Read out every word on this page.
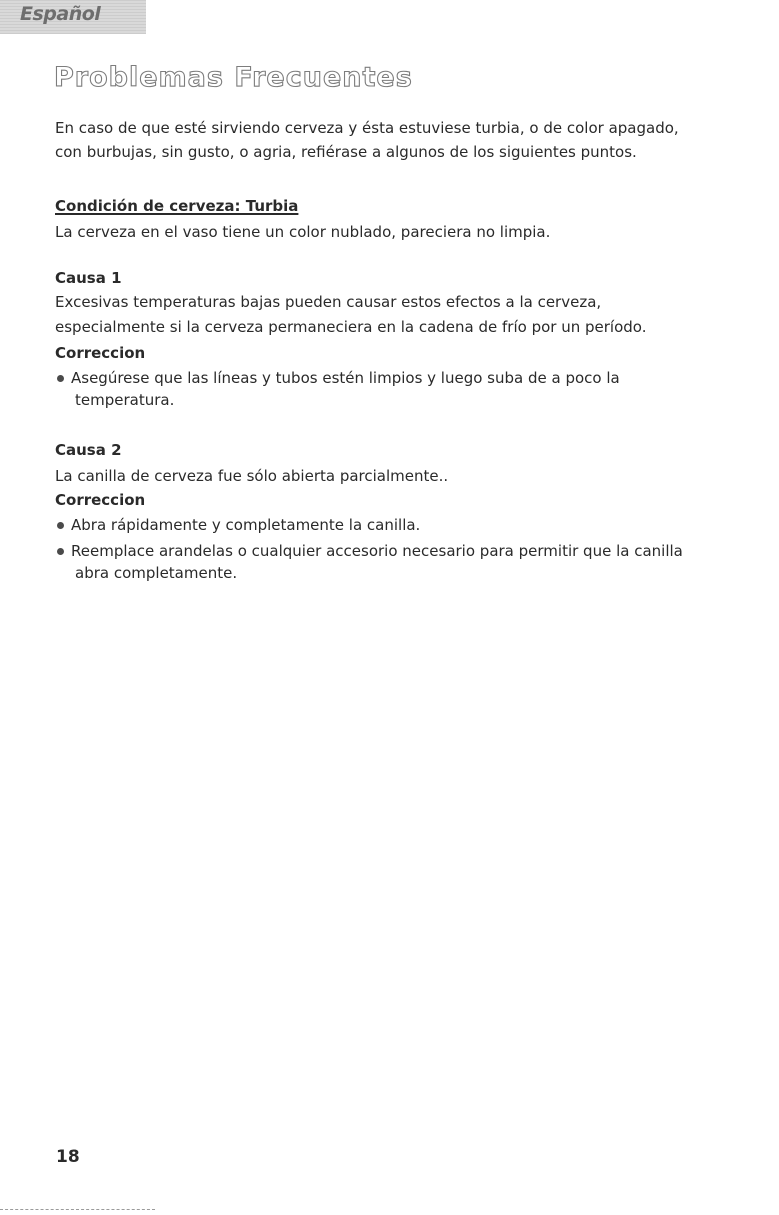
Español
Problemas Frecuentes

En caso de que esté sirviendo cerveza y ésta estuviese turbia, o de color apagado,

con burbujas, sin gusto, o agria, refiérase a algunos de los siguientes puntos.

Condición de cerveza: Turbia

La cerveza en el vaso tiene un color nublado, pareciera no limpia.

Causa 1

Excesivas temperaturas bajas pueden causar estos efectos a la cerveza,

especialmente si la cerveza permaneciera en la cadena de frío por un período.

Correccion

Asegúrese que las líneas y tubos estén limpios y luego suba de a poco la
temperatura.

Causa 2

La canilla de cerveza fue sólo abierta parcialmente..

Correccion

Abra rápidamente y completamente la canilla.
Reemplace arandelas o cualquier accesorio necesario para permitir que la canilla
abra completamente.
18
